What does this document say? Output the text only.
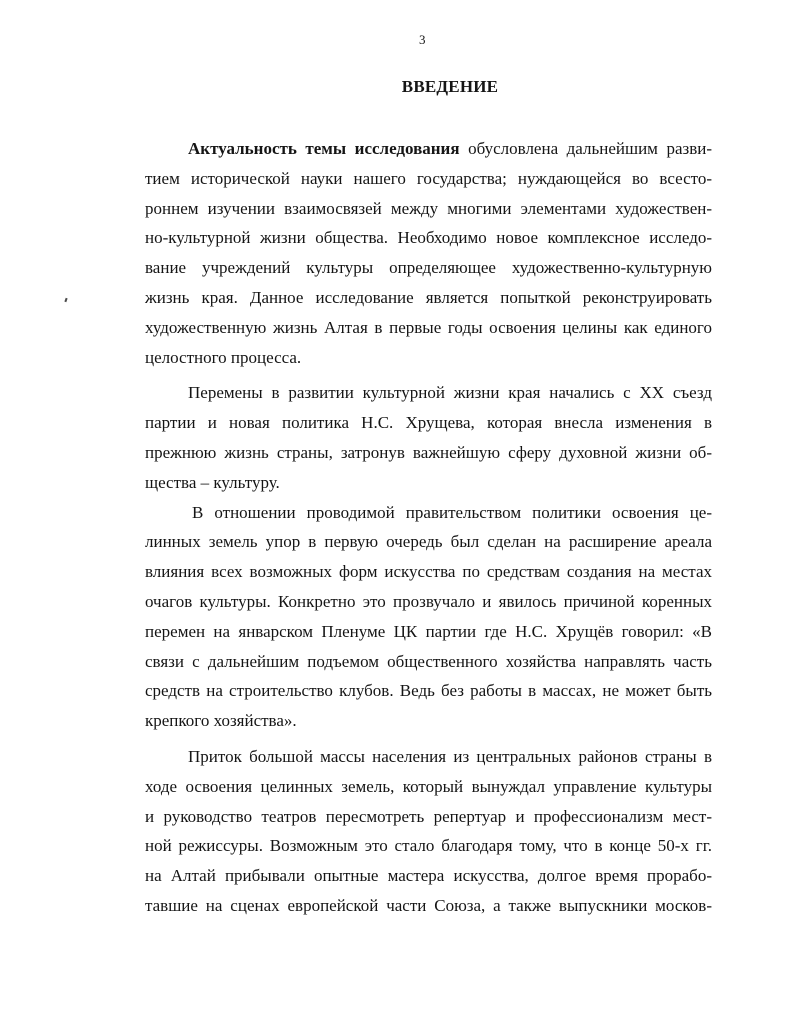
3
ВВЕДЕНИЕ
Актуальность темы исследования обусловлена дальнейшим разви-
тием исторической науки нашего государства; нуждающейся во всесто-
роннем изучении взаимосвязей между многими элементами художествен-
но-культурной жизни общества. Необходимо новое комплексное исследо-
вание учреждений культуры определяющее художественно-культурную
жизнь края. Данное исследование является попыткой реконструировать
художественную жизнь Алтая в первые годы освоения целины как единого
целостного процесса.
Перемены в развитии культурной жизни края начались с XX съезд
партии и новая политика Н.С. Хрущева, которая внесла изменения в
прежнюю жизнь страны, затронув важнейшую сферу духовной жизни об-
щества – культуру.
В отношении проводимой правительством политики освоения це-
линных земель упор в первую очередь был сделан на расширение ареала
влияния всех возможных форм искусства по средствам создания на местах
очагов культуры. Конкретно это прозвучало и явилось причиной коренных
перемен на январском Пленуме ЦК партии где Н.С. Хрущёв говорил: «В
связи с дальнейшим подъемом общественного хозяйства направлять часть
средств на строительство клубов. Ведь без работы в массах, не может быть
крепкого хозяйства».
Приток большой массы населения из центральных районов страны в
ходе освоения целинных земель, который вынуждал управление культуры
и руководство театров пересмотреть репертуар и профессионализм мест-
ной режиссуры. Возможным это стало благодаря тому, что в конце 50-х гг.
на Алтай прибывали опытные мастера искусства, долгое время прорабо-
тавшие на сценах европейской части Союза, а также выпускники москов-
